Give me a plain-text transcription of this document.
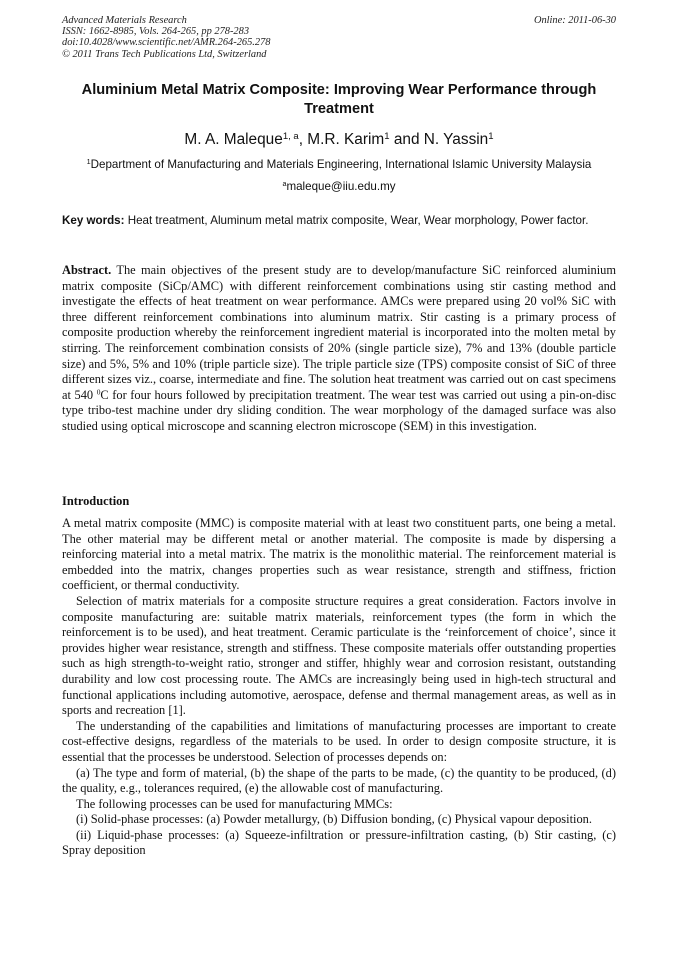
Advanced Materials Research
ISSN: 1662-8985, Vols. 264-265, pp 278-283
doi:10.4028/www.scientific.net/AMR.264-265.278
© 2011 Trans Tech Publications Ltd, Switzerland
Online: 2011-06-30
Aluminium Metal Matrix Composite: Improving Wear Performance through Treatment
M. A. Maleque$^{1, a}$, M.R. Karim$^1$ and N. Yassin$^1$
$^1$Department of Manufacturing and Materials Engineering, International Islamic University Malaysia
$^a$maleque@iiu.edu.my
Key words: Heat treatment, Aluminum metal matrix composite, Wear, Wear morphology, Power factor.

Abstract. The main objectives of the present study are to develop/manufacture SiC reinforced aluminium matrix composite (SiCp/AMC) with different reinforcement combinations using stir casting method and investigate the effects of heat treatment on wear performance. AMCs were prepared using 20 vol% SiC with three different reinforcement combinations into aluminum matrix. Stir casting is a primary process of composite production whereby the reinforcement ingredient material is incorporated into the molten metal by stirring. The reinforcement combination consists of 20% (single particle size), 7% and 13% (double particle size) and 5%, 5% and 10% (triple particle size). The triple particle size (TPS) composite consist of SiC of three different sizes viz., coarse, intermediate and fine. The solution heat treatment was carried out on cast specimens at 540 $^0$C for four hours followed by precipitation treatment. The wear test was carried out using a pin-on-disc type tribo-test machine under dry sliding condition. The wear morphology of the damaged surface was also studied using optical microscope and scanning electron microscope (SEM) in this investigation.

Introduction

A metal matrix composite (MMC) is composite material with at least two constituent parts, one being a metal. The other material may be different metal or another material. The composite is made by dispersing a reinforcing material into a metal matrix. The matrix is the monolithic material. The reinforcement material is embedded into the matrix, changes properties such as wear resistance, strength and stiffness, friction coefficient, or thermal conductivity.

Selection of matrix materials for a composite structure requires a great consideration. Factors involve in composite manufacturing are: suitable matrix materials, reinforcement types (the form in which the reinforcement is to be used), and heat treatment. Ceramic particulate is the ‘reinforcement of choice’, since it provides higher wear resistance, strength and stiffness. These composite materials offer outstanding properties such as high strength-to-weight ratio, stronger and stiffer, hhighly wear and corrosion resistant, outstanding durability and low cost processing route. The AMCs are increasingly being used in high-tech structural and functional applications including automotive, aerospace, defense and thermal management areas, as well as in sports and recreation [1].

The understanding of the capabilities and limitations of manufacturing processes are important to create cost-effective designs, regardless of the materials to be used. In order to design composite structure, it is essential that the processes be understood. Selection of processes depends on:

(a) The type and form of material, (b) the shape of the parts to be made, (c) the quantity to be produced, (d) the quality, e.g., tolerances required, (e) the allowable cost of manufacturing.

The following processes can be used for manufacturing MMCs:

(i) Solid-phase processes: (a) Powder metallurgy, (b) Diffusion bonding, (c) Physical vapour deposition.

(ii) Liquid-phase processes: (a) Squeeze-infiltration or pressure-infiltration casting, (b) Stir casting, (c) Spray deposition
